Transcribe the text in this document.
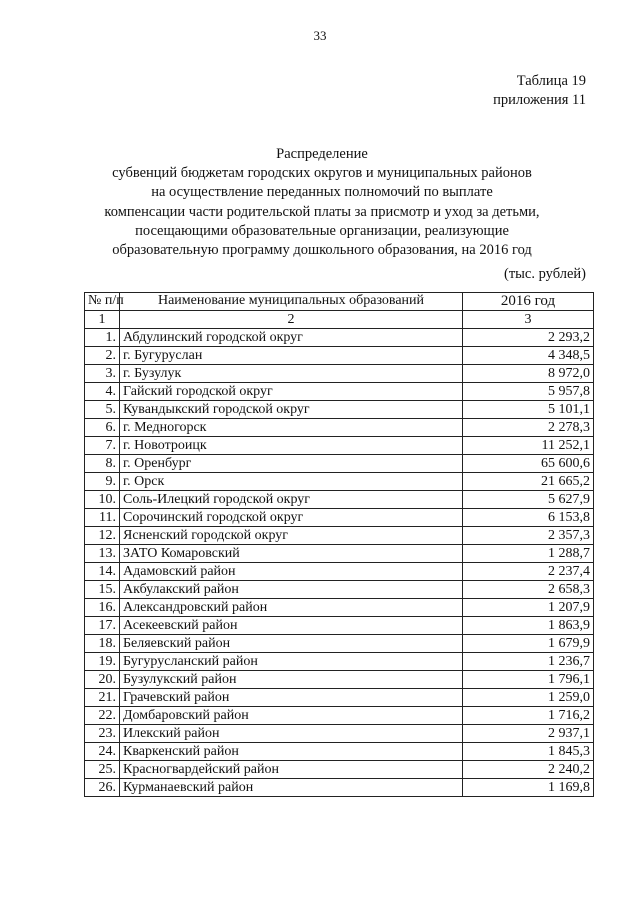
33
Таблица 19
приложения 11
Распределение
субвенций бюджетам городских округов и муниципальных районов
на осуществление переданных полномочий по выплате
компенсации части родительской платы за присмотр и уход за детьми,
посещающими образовательные организации, реализующие
образовательную программу дошкольного образования, на 2016 год
(тыс. рублей)
№ п/п	Наименование муниципальных образований	2016 год
1	2	3
1.	Абдулинский городской округ	2 293,2
2.	г. Бугуруслан	4 348,5
3.	г. Бузулук	8 972,0
4.	Гайский городской округ	5 957,8
5.	Кувандыкский городской округ	5 101,1
6.	г. Медногорск	2 278,3
7.	г. Новотроицк	11 252,1
8.	г. Оренбург	65 600,6
9.	г. Орск	21 665,2
10.	Соль-Илецкий городской округ	5 627,9
11.	Сорочинский городской округ	6 153,8
12.	Ясненский городской округ	2 357,3
13.	ЗАТО Комаровский	1 288,7
14.	Адамовский район	2 237,4
15.	Акбулакский район	2 658,3
16.	Александровский район	1 207,9
17.	Асекеевский район	1 863,9
18.	Беляевский район	1 679,9
19.	Бугурусланский район	1 236,7
20.	Бузулукский район	1 796,1
21.	Грачевский район	1 259,0
22.	Домбаровский район	1 716,2
23.	Илекский район	2 937,1
24.	Кваркенский район	1 845,3
25.	Красногвардейский район	2 240,2
26.	Курманаевский район	1 169,8
